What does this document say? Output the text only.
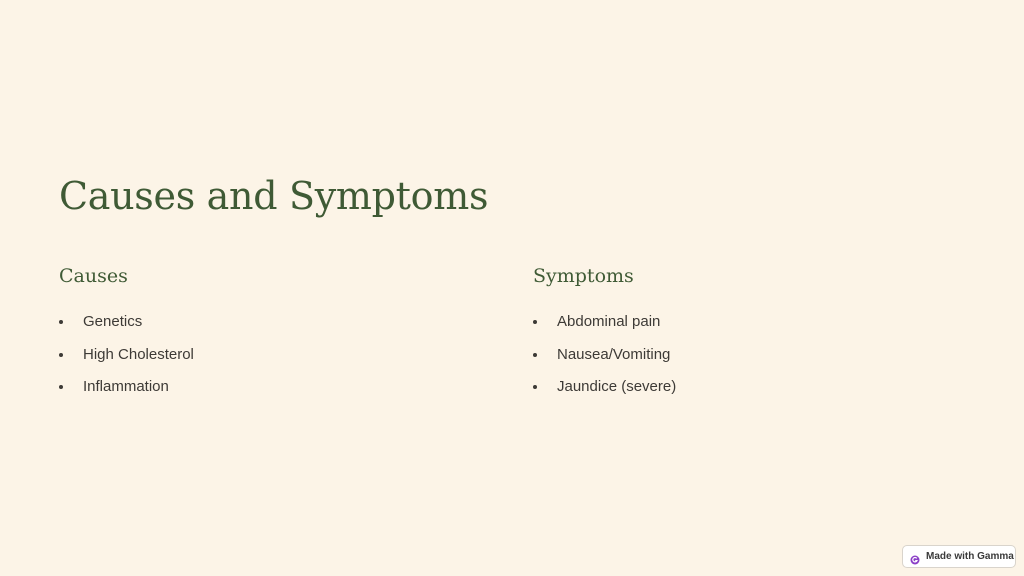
Causes and Symptoms
Causes
Genetics
High Cholesterol
Inflammation
Symptoms
Abdominal pain
Nausea/Vomiting
Jaundice (severe)
Made with Gamma
